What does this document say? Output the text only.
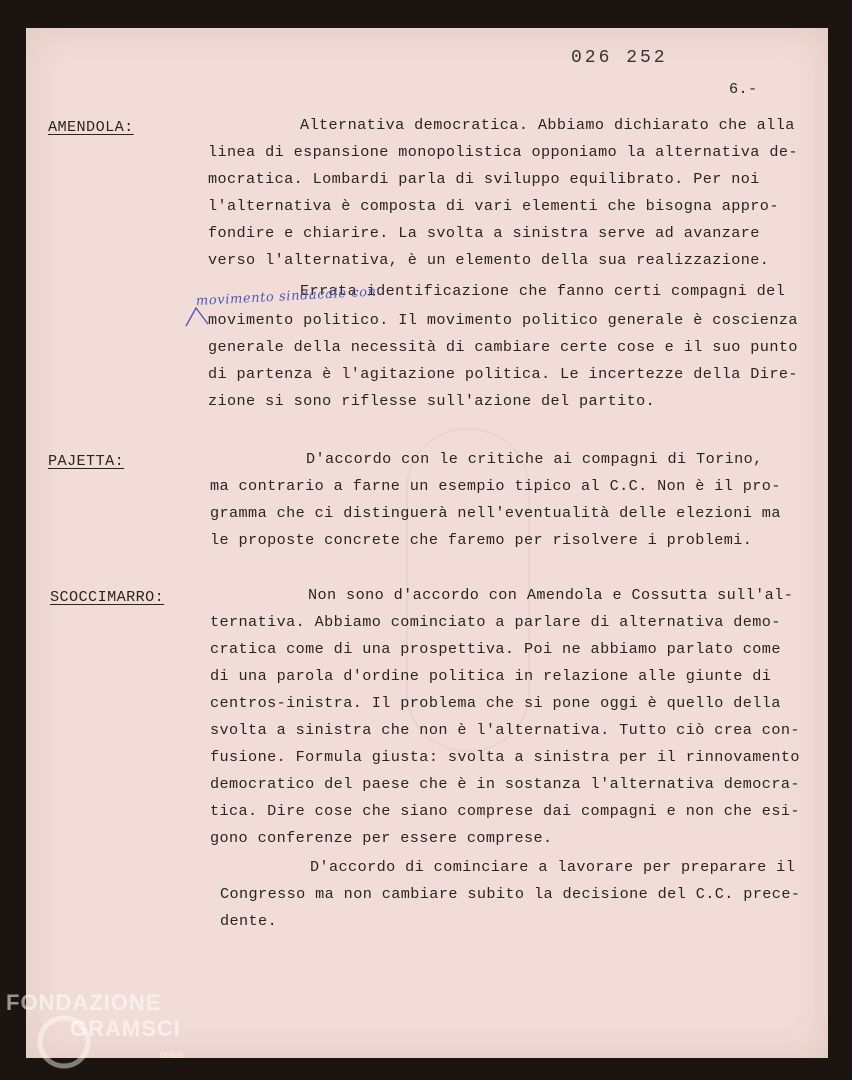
026 252
6.-
AMENDOLA:	Alternativa democratica. Abbiamo dichiarato che alla
linea di espansione monopolistica opponiamo la alternativa de-
mocratica. Lombardi parla di sviluppo equilibrato. Per noi
l'alternativa è composta di vari elementi che bisogna appro-
fondire e chiarire. La svolta a sinistra serve ad avanzare
verso l'alternativa, è un elemento della sua realizzazione.
Errata identificazione che fanno certi compagni del
movimento sindacale con
movimento politico. Il movimento politico generale è coscienza
generale della necessità di cambiare certe cose e il suo punto
di partenza è l'agitazione politica. Le incertezze della Dire-
zione si sono riflesse sull'azione del partito.
PAJETTA:	D'accordo con le critiche ai compagni di Torino,
ma contrario a farne un esempio tipico al C.C. Non è il pro-
gramma che ci distinguerà nell'eventualità delle elezioni ma
le proposte concrete che faremo per risolvere i problemi.
SCOCCIMARRO:	Non sono d'accordo con Amendola e Cossutta sull'al-
ternativa. Abbiamo cominciato a parlare di alternativa demo-
cratica come di una prospettiva. Poi ne abbiamo parlato come
di una parola d'ordine politica in relazione alle giunte di
centros-inistra. Il problema che si pone oggi è quello della
svolta a sinistra che non è l'alternativa. Tutto ciò crea con-
fusione. Formula giusta: svolta a sinistra per il rinnovamento
democratico del paese che è in sostanza l'alternativa democra-
tica. Dire cose che siano comprese dai compagni e non che esi-
gono conferenze per essere comprese.
D'accordo di cominciare a lavorare per preparare il
Congresso ma non cambiare subito la decisione del C.C. prece-
dente.
FONDAZIONE
GRAMSCI
onlus
